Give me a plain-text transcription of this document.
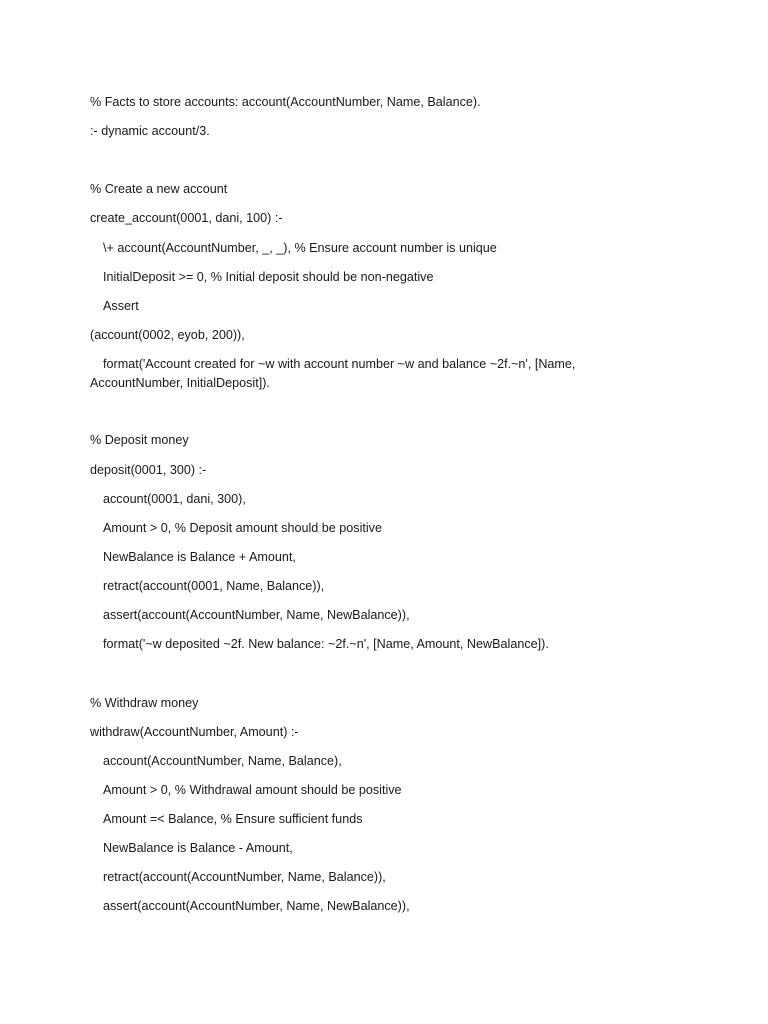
% Facts to store accounts: account(AccountNumber, Name, Balance).
:- dynamic account/3.
% Create a new account
create_account(0001, dani, 100) :-
\+ account(AccountNumber, _, _), % Ensure account number is unique
InitialDeposit >= 0, % Initial deposit should be non-negative
Assert
(account(0002, eyob, 200)),
format('Account created for ~w with account number ~w and balance ~2f.~n', [Name, AccountNumber, InitialDeposit]).
% Deposit money
deposit(0001, 300) :-
account(0001, dani, 300),
Amount > 0, % Deposit amount should be positive
NewBalance is Balance + Amount,
retract(account(0001, Name, Balance)),
assert(account(AccountNumber, Name, NewBalance)),
format('~w deposited ~2f. New balance: ~2f.~n', [Name, Amount, NewBalance]).
% Withdraw money
withdraw(AccountNumber, Amount) :-
account(AccountNumber, Name, Balance),
Amount > 0, % Withdrawal amount should be positive
Amount =< Balance, % Ensure sufficient funds
NewBalance is Balance - Amount,
retract(account(AccountNumber, Name, Balance)),
assert(account(AccountNumber, Name, NewBalance)),
